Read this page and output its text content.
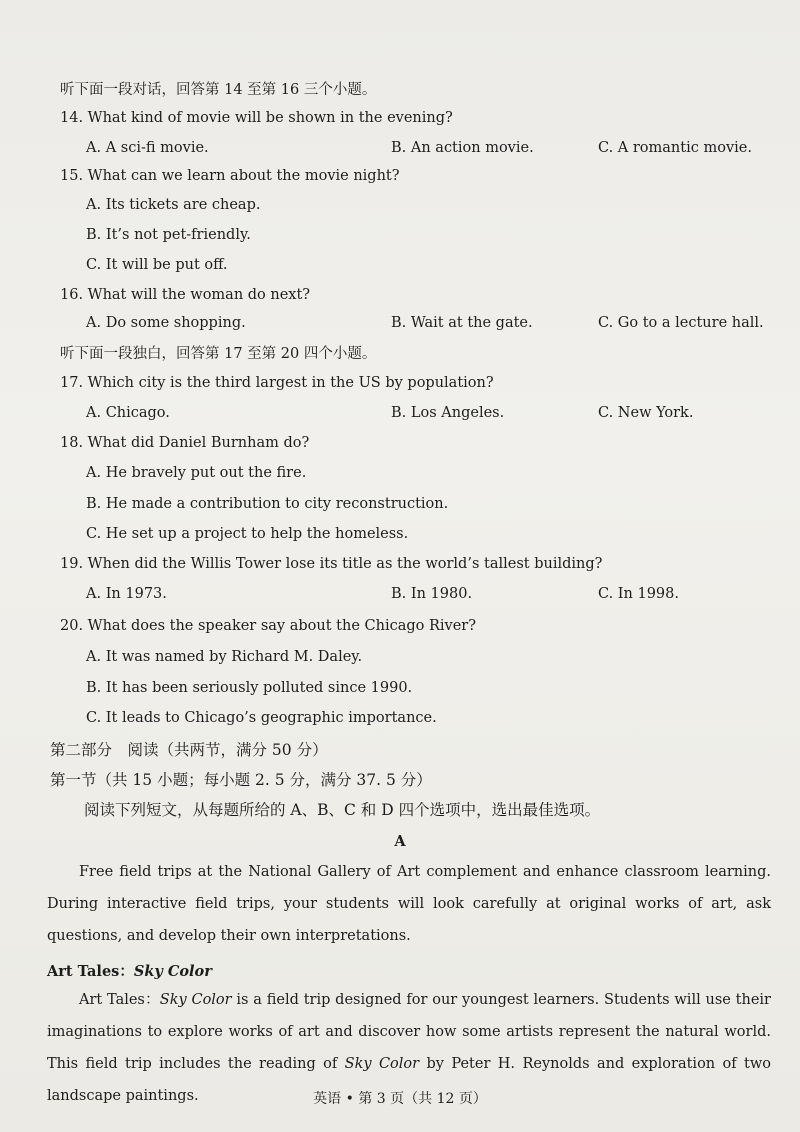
听下面一段对话，回答第 14 至第 16 三个小题。
14. What kind of movie will be shown in the evening?
A. A sci-fi movie.	B. An action movie.	C. A romantic movie.
15. What can we learn about the movie night?
A. Its tickets are cheap.
B. It’s not pet-friendly.
C. It will be put off.
16. What will the woman do next?
A. Do some shopping.	B. Wait at the gate.	C. Go to a lecture hall.
听下面一段独白，回答第 17 至第 20 四个小题。
17. Which city is the third largest in the US by population?
A. Chicago.	B. Los Angeles.	C. New York.
18. What did Daniel Burnham do?
A. He bravely put out the fire.
B. He made a contribution to city reconstruction.
C. He set up a project to help the homeless.
19. When did the Willis Tower lose its title as the world’s tallest building?
A. In 1973.	B. In 1980.	C. In 1998.
20. What does the speaker say about the Chicago River?
A. It was named by Richard M. Daley.
B. It has been seriously polluted since 1990.
C. It leads to Chicago’s geographic importance.
第二部分　阅读（共两节，满分 50 分）
第一节（共 15 小题；每小题 2. 5 分，满分 37. 5 分）
阅读下列短文，从每题所给的 A、B、C 和 D 四个选项中，选出最佳选项。
A
Free field trips at the National Gallery of Art complement and enhance classroom learning. During interactive field trips, your students will look carefully at original works of art, ask questions, and develop their own interpretations.
Art Tales：Sky Color
Art Tales：Sky Color is a field trip designed for our youngest learners. Students will use their imaginations to explore works of art and discover how some artists represent the natural world. This field trip includes the reading of Sky Color by Peter H. Reynolds and exploration of two landscape paintings.	英语 • 第 3 页（共 12 页）
